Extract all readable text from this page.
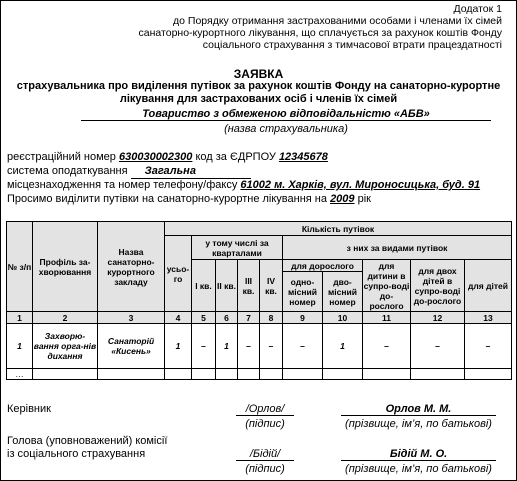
Додаток 1
до Порядку отримання застрахованими особами і членами їх сімей
санаторно-курортного лікування, що сплачується за рахунок коштів Фонду
соціального страхування з тимчасової втрати працездатності
ЗАЯВКА
страхувальника про виділення путівок за рахунок коштів Фонду на санаторно-курортне
лікування для застрахованих осіб і членів їх сімей
Товариство з обмеженою відповідальністю «АБВ»
(назва страхувальника)
реєстраційний номер 630030002300 код за ЄДРПОУ 12345678
система оподаткування Загальна
місцезнаходження та номер телефону/факсу 61002 м. Харків, вул. Мироносицька, буд. 91
Просимо виділити путівки на санаторно-курортне лікування на 2009 рік
№ з/п	Профіль за-хворювання	Назва санаторно-курортного закладу	Кількість путівок									
			усьо-го	у тому числі за кварталами				з них за видами путівок				
				I кв.	II кв.	III кв.	IV кв.	для дорослого		для дитини в супро-воді до-рослого	для двох дітей в супро-воді до-рослого	для дітей
								одно-місний номер	дво-місний номер			
1	2	3	4	5	6	7	8	9	10	11	12	13
1	Захворю-вання орга-нів дихання	Санаторій «Кисень»	1	–	1	–	–	–	1	–	–	–
…												
Керівник	/Орлов/	Орлов М. М.
(підпис)	(прізвище, ім’я, по батькові)
Голова (уповноважений) комісії
із соціального страхування	/Бідій/	Бідій М. О.
(підпис)	(прізвище, ім’я, по батькові)
